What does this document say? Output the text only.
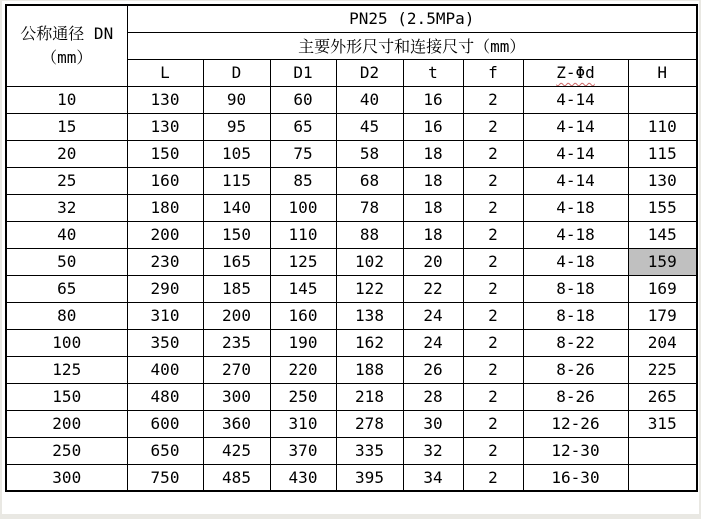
公称通径 DN
（mm）	PN25 (2.5MPa)							
	主要外形尺寸和连接尺寸（mm）							
	L	D	D1	D2	t	f	Z-Φd	H
10	130	90	60	40	16	2	4-14	
15	130	95	65	45	16	2	4-14	110
20	150	105	75	58	18	2	4-14	115
25	160	115	85	68	18	2	4-14	130
32	180	140	100	78	18	2	4-18	155
40	200	150	110	88	18	2	4-18	145
50	230	165	125	102	20	2	4-18	159
65	290	185	145	122	22	2	8-18	169
80	310	200	160	138	24	2	8-18	179
100	350	235	190	162	24	2	8-22	204
125	400	270	220	188	26	2	8-26	225
150	480	300	250	218	28	2	8-26	265
200	600	360	310	278	30	2	12-26	315
250	650	425	370	335	32	2	12-30	
300	750	485	430	395	34	2	16-30	
